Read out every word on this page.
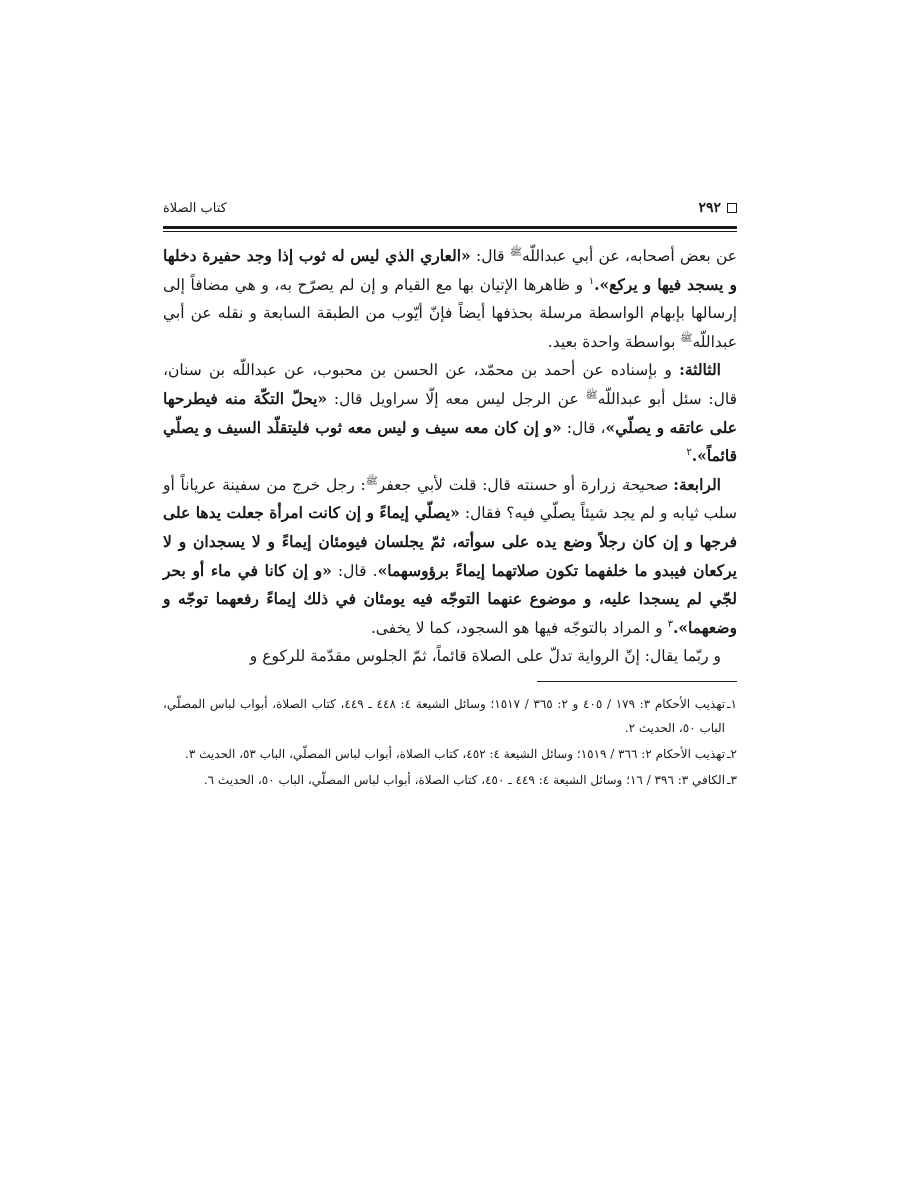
٢٩٢
كتاب الصلاة

عن بعض أصحابه، عن أبي عبداللّه$^ﷺ$ قال: «العاري الذي ليس له ثوب إذا وجد حفيرة دخلها و يسجد فيها و يركع».$^١$ و ظاهرها الإتيان بها مع القيام و إن لم يصرّح به، و هي مضافاً إلى إرسالها بإبهام الواسطة مرسلة بحذفها أيضاً فإنّ أيّوب من الطبقة السابعة و نقله عن أبي عبداللّه$^ﷺ$ بواسطة واحدة بعيد.

الثالثة: و بإسناده عن أحمد بن محمّد، عن الحسن بن محبوب، عن عبداللّه بن سنان، قال: سئل أبو عبداللّه$^ﷺ$ عن الرجل ليس معه إلّا سراويل قال: «يحلّ التكّة منه فيطرحها على عاتقه و يصلّي»، قال: «و إن كان معه سيف و ليس معه ثوب فليتقلّد السيف و يصلّي قائماً».$^٢$

الرابعة: صحيحة زرارة أو حسنته قال: قلت لأبي جعفر$^ﷺ$: رجل خرج من سفينة عرياناً أو سلب ثيابه و لم يجد شيئاً يصلّي فيه؟ فقال: «يصلّي إيماءً و إن كانت امرأة جعلت يدها على فرجها و إن كان رجلاً وضع يده على سوأته، ثمّ يجلسان فيومئان إيماءً و لا يسجدان و لا يركعان فيبدو ما خلفهما تكون صلاتهما إيماءً برؤوسهما». قال: «و إن كانا في ماء أو بحر لجّي لم يسجدا عليه، و موضوع عنهما التوجّه فيه يومئان في ذلك إيماءً رفعهما توجّه و وضعهما».$^٣$ و المراد بالتوجّه فيها هو السجود، كما لا يخفى.

و ربّما يقال: إنّ الرواية تدلّ على الصلاة قائماً، ثمّ الجلوس مقدّمة للركوع و

١ـ
تهذيب الأحكام ٣: ١٧٩ / ٤٠٥ و ٢: ٣٦٥ / ١٥١٧؛ وسائل الشيعة ٤: ٤٤٨ ـ ٤٤٩، كتاب الصلاة، أبواب لباس المصلّي، الباب ٥٠، الحديث ٢.
٢ـ
تهذيب الأحكام ٢: ٣٦٦ / ١٥١٩؛ وسائل الشيعة ٤: ٤٥٢، كتاب الصلاة، أبواب لباس المصلّي، الباب ٥٣، الحديث ٣.
٣ـ
الكافي ٣: ٣٩٦ / ١٦؛ وسائل الشيعة ٤: ٤٤٩ ـ ٤٥٠، كتاب الصلاة، أبواب لباس المصلّي، الباب ٥٠، الحديث ٦.
